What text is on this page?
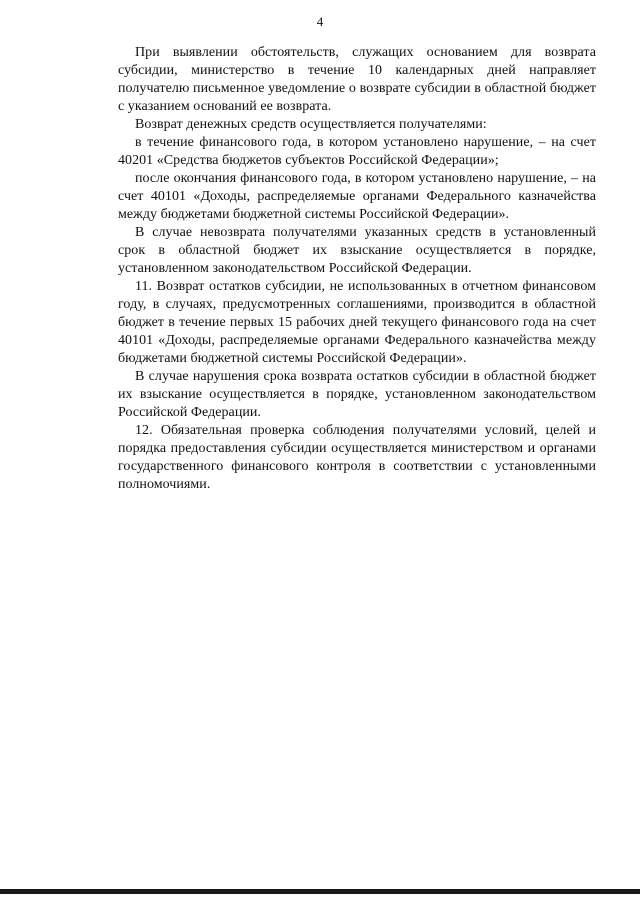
4

При выявлении обстоятельств, служащих основанием для возврата субсидии, министерство в течение 10 календарных дней направляет получателю письменное уведомление о возврате субсидии в областной бюджет с указанием оснований ее возврата.

Возврат денежных средств осуществляется получателями:

в течение финансового года, в котором установлено нарушение, – на счет 40201 «Средства бюджетов субъектов Российской Федерации»;

после окончания финансового года, в котором установлено нарушение, – на счет 40101 «Доходы, распределяемые органами Федерального казначейства между бюджетами бюджетной системы Российской Федерации».

В случае невозврата получателями указанных средств в установленный срок в областной бюджет их взыскание осуществляется в порядке, установленном законодательством Российской Федерации.

11. Возврат остатков субсидии, не использованных в отчетном финансовом году, в случаях, предусмотренных соглашениями, производится в областной бюджет в течение первых 15 рабочих дней текущего финансового года на счет 40101 «Доходы, распределяемые органами Федерального казначейства между бюджетами бюджетной системы Российской Федерации».

В случае нарушения срока возврата остатков субсидии в областной бюджет их взыскание осуществляется в порядке, установленном законодательством Российской Федерации.

12. Обязательная проверка соблюдения получателями условий, целей и порядка предоставления субсидии осуществляется министерством и органами государственного финансового контроля в соответствии с установленными полномочиями.
